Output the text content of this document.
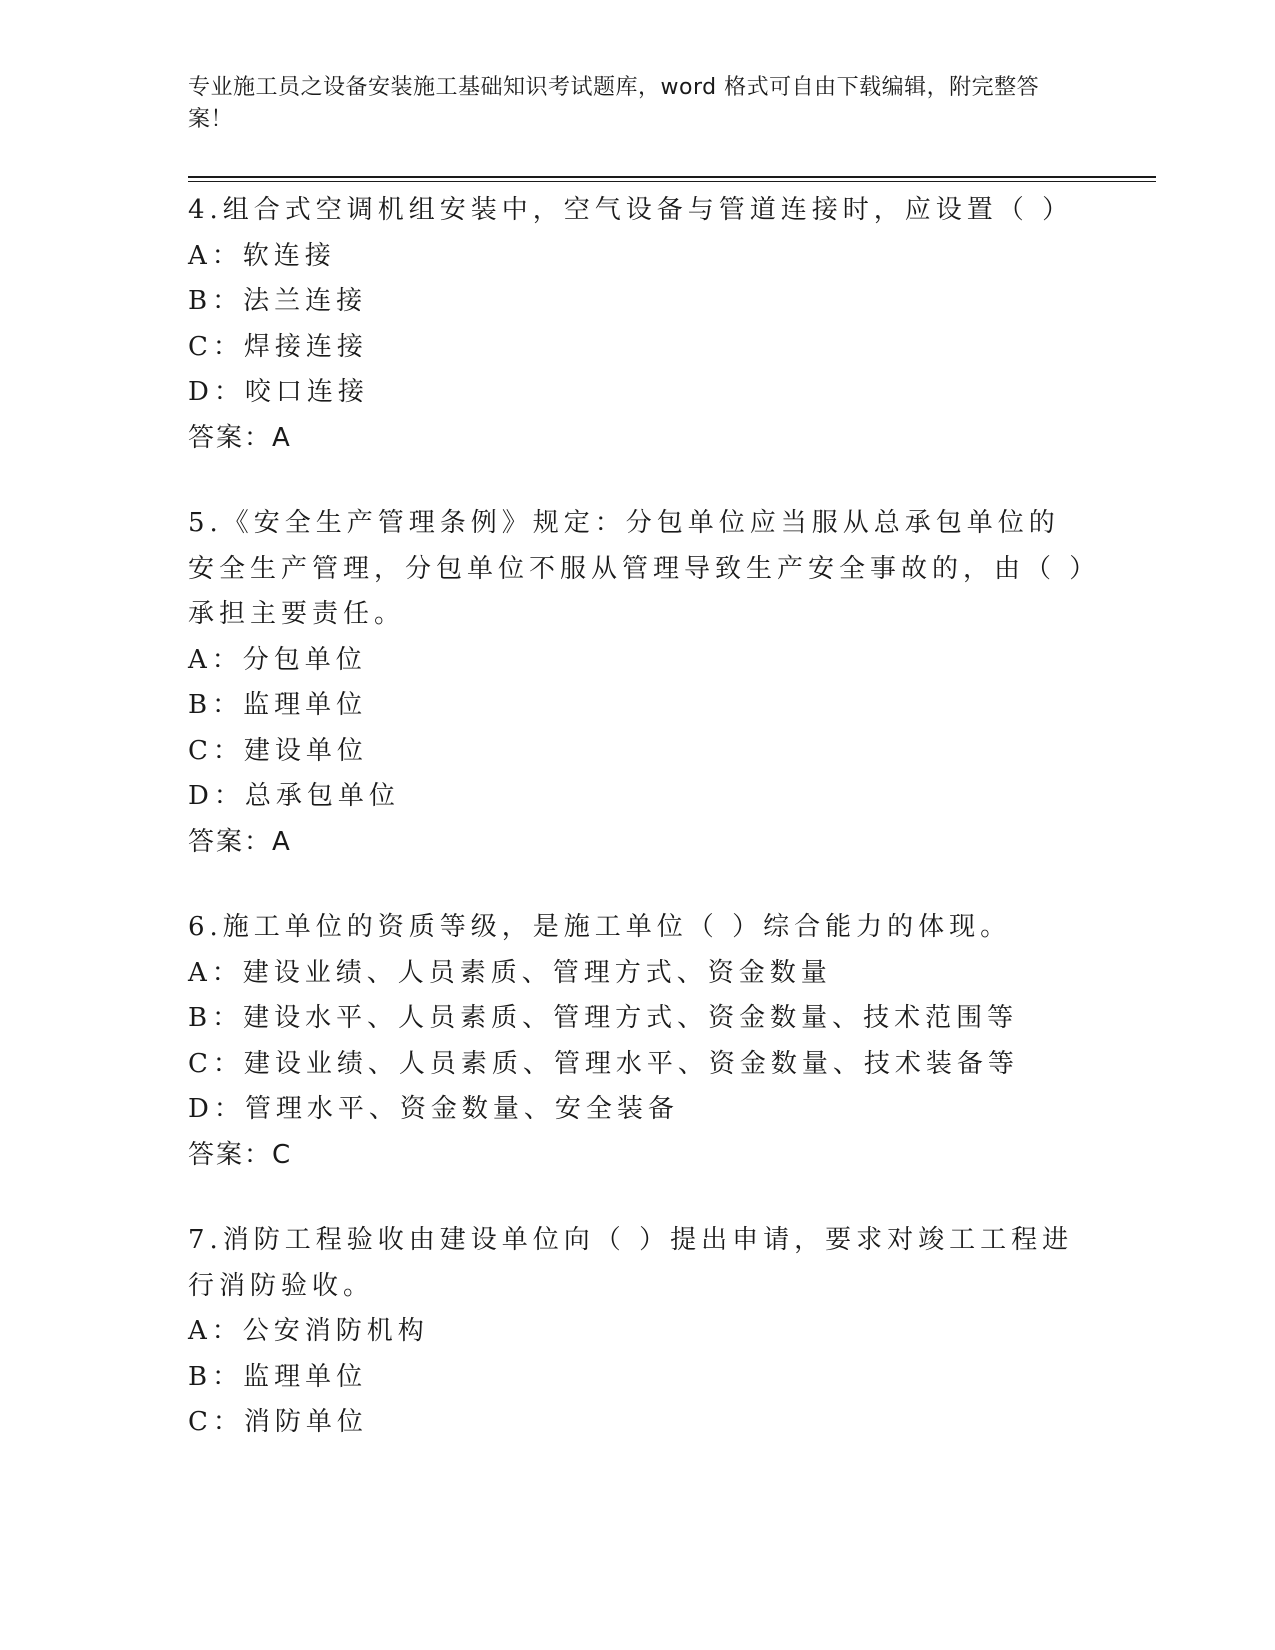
专业施工员之设备安装施工基础知识考试题库，word 格式可自由下载编辑，附完整答案！
4.组合式空调机组安装中，空气设备与管道连接时，应设置（ ）
A：软连接
B：法兰连接
C：焊接连接
D：咬口连接
答案：A
5.《安全生产管理条例》规定：分包单位应当服从总承包单位的安全生产管理，分包单位不服从管理导致生产安全事故的，由（ ）承担主要责任。
A：分包单位
B：监理单位
C：建设单位
D：总承包单位
答案：A
6.施工单位的资质等级，是施工单位（ ）综合能力的体现。
A：建设业绩、人员素质、管理方式、资金数量
B：建设水平、人员素质、管理方式、资金数量、技术范围等
C：建设业绩、人员素质、管理水平、资金数量、技术装备等
D：管理水平、资金数量、安全装备
答案：C
7.消防工程验收由建设单位向（ ）提出申请，要求对竣工工程进行消防验收。
A：公安消防机构
B：监理单位
C：消防单位
